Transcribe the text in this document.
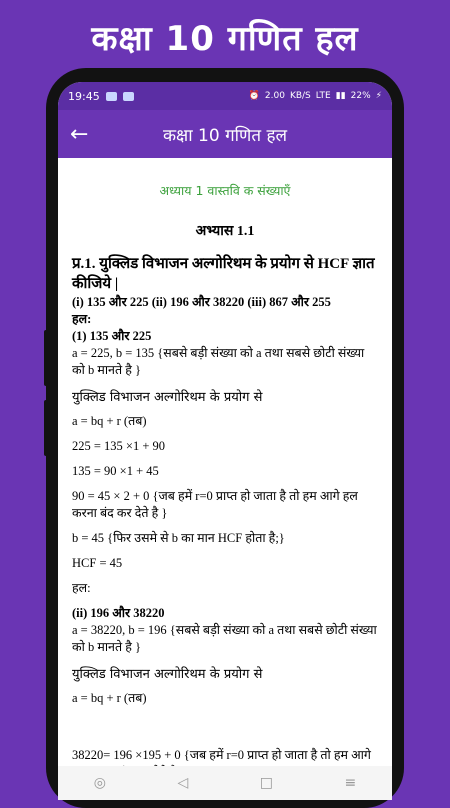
कक्षा 10 गणित हल
19:45	⏰ 2.00 KB/S LTE ▮▮ 22% ⚡
←	कक्षा 10 गणित हल
अध्याय 1 वास्तवि क संख्याएँ
अभ्यास 1.1
प्र.1. युक्लिड विभाजन अल्गोरिथम के प्रयोग से HCF ज्ञात कीजिये |
(i) 135 और 225 (ii) 196 और 38220 (iii) 867 और 255
हल:
(1) 135 और 225
a = 225, b = 135 {सबसे बड़ी संख्या को a तथा सबसे छोटी संख्या को b मानते है }
युक्लिड विभाजन अल्गोरिथम के प्रयोग से
a = bq + r (तब)
225 = 135 ×1 + 90
135 = 90 ×1 + 45
90 = 45 × 2 + 0 {जब हमें r=0 प्राप्त हो जाता है तो हम आगे हल करना बंद कर देते है }
b = 45 {फिर उसमे से b का मान HCF होता है;}
HCF = 45
हल:
(ii) 196 और 38220
a = 38220, b = 196 {सबसे बड़ी संख्या को a तथा सबसे छोटी संख्या को b मानते है }
युक्लिड विभाजन अल्गोरिथम के प्रयोग से
a = bq + r (तब)
38220= 196 ×195 + 0 {जब हमें r=0 प्राप्त हो जाता है तो हम आगे
◎	◁	□	≡
